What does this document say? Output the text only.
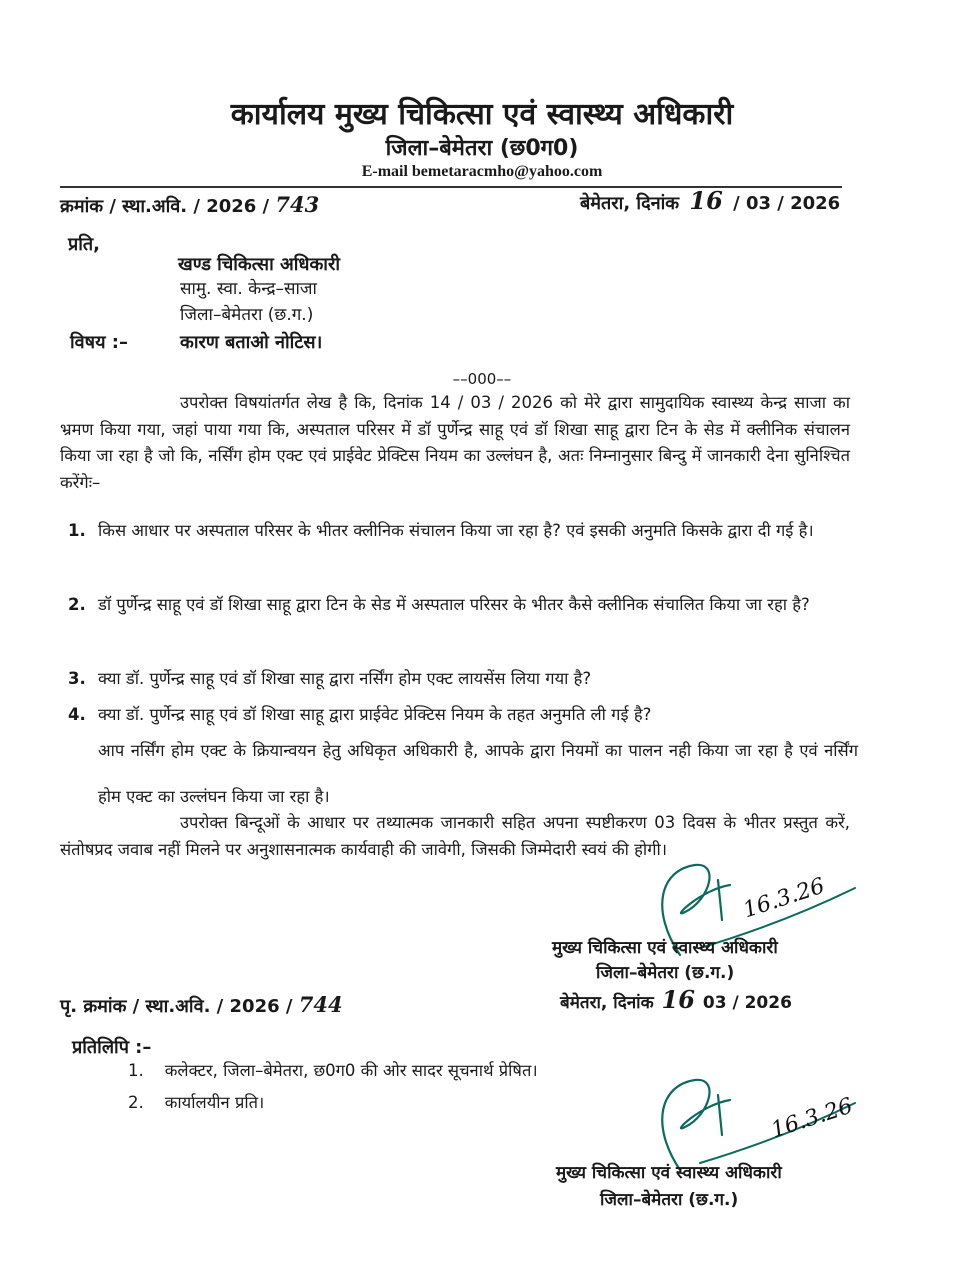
कार्यालय मुख्य चिकित्सा एवं स्वास्थ्य अधिकारी
जिला–बेमेतरा (छ0ग0)
E-mail bemetaracmho@yahoo.com
क्रमांक / स्था.अवि. / 2026 / 743	बेमेतरा, दिनांक 16 / 03 / 2026
प्रति,
खण्ड चिकित्सा अधिकारी
सामु. स्वा. केन्द्र–साजा
जिला–बेमेतरा (छ.ग.)
विषय :–	कारण बताओ नोटिस।
––000––
उपरोक्त विषयांतर्गत लेख है कि, दिनांक 14 / 03 / 2026 को मेरे द्वारा सामुदायिक स्वास्थ्य केन्द्र साजा का भ्रमण किया गया, जहां पाया गया कि, अस्पताल परिसर में डॉ पुर्णेन्द्र साहू एवं डॉ शिखा साहू द्वारा टिन के सेड में क्लीनिक संचालन किया जा रहा है जो कि, नर्सिंग होम एक्ट एवं प्राईवेट प्रेक्टिस नियम का उल्लंघन है, अतः निम्नानुसार बिन्दु में जानकारी देना सुनिश्चित करेंगेः–
1. किस आधार पर अस्पताल परिसर के भीतर क्लीनिक संचालन किया जा रहा है? एवं इसकी अनुमति किसके द्वारा दी गई है।
2. डॉ पुर्णेन्द्र साहू एवं डॉ शिखा साहू द्वारा टिन के सेड में अस्पताल परिसर के भीतर कैसे क्लीनिक संचालित किया जा रहा है?
3. क्या डॉ. पुर्णेन्द्र साहू एवं डॉ शिखा साहू द्वारा नर्सिंग होम एक्ट लायसेंस लिया गया है?
4. क्या डॉ. पुर्णेन्द्र साहू एवं डॉ शिखा साहू द्वारा प्राईवेट प्रेक्टिस नियम के तहत अनुमति ली गई है?
आप नर्सिंग होम एक्ट के क्रियान्वयन हेतु अधिकृत अधिकारी है, आपके द्वारा नियमों का पालन नही किया जा रहा है एवं नर्सिंग होम एक्ट का उल्लंघन किया जा रहा है।
उपरोक्त बिन्दूओं के आधार पर तथ्यात्मक जानकारी सहित अपना स्पष्टीकरण 03 दिवस के भीतर प्रस्तुत करें, संतोषप्रद जवाब नहीं मिलने पर अनुशासनात्मक कार्यवाही की जावेगी, जिसकी जिम्मेदारी स्वयं की होगी।
16.3.26
मुख्य चिकित्सा एवं स्वास्थ्य अधिकारी
जिला–बेमेतरा (छ.ग.)
बेमेतरा, दिनांक 16 03 / 2026
पृ. क्रमांक / स्था.अवि. / 2026 / 744
प्रतिलिपि :–
1. कलेक्टर, जिला–बेमेतरा, छ0ग0 की ओर सादर सूचनार्थ प्रेषित।
2. कार्यालयीन प्रति।	16.3.26
मुख्य चिकित्सा एवं स्वास्थ्य अधिकारी
जिला–बेमेतरा (छ.ग.)
